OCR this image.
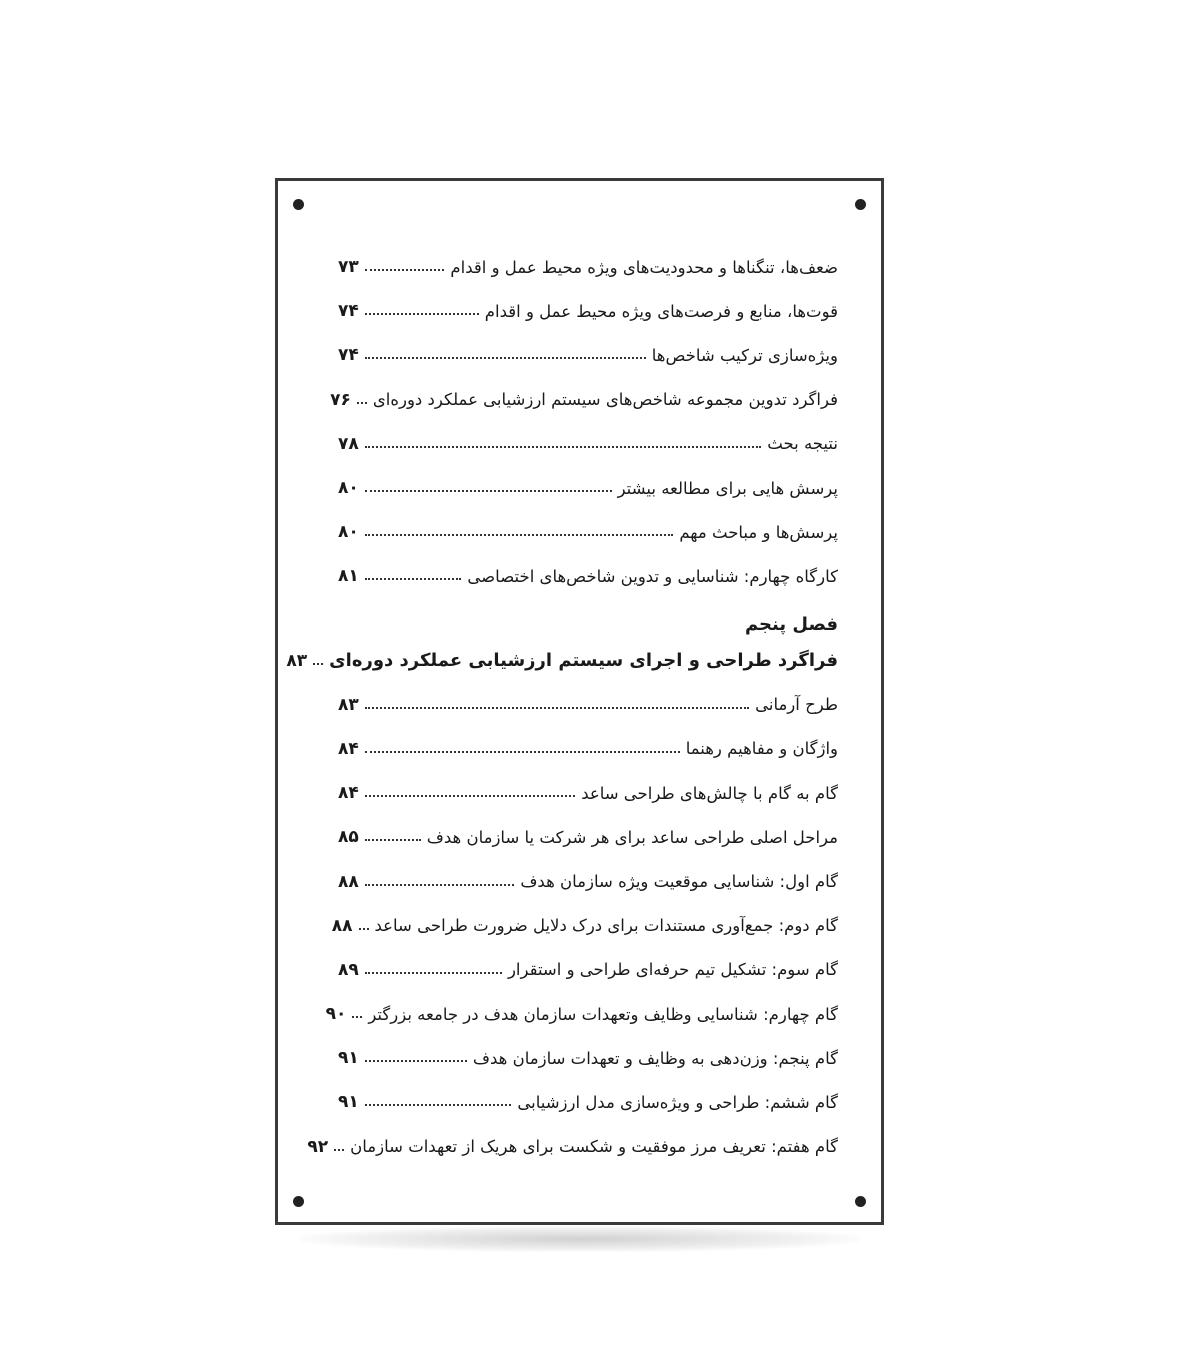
ضعف‌ها، تنگناها و محدودیت‌های ویژه محیط عمل و اقدام
۷۳
قوت‌ها، منابع و فرصت‌های ویژه محیط عمل و اقدام
۷۴
ویژه‌سازی ترکیب شاخص‌ها
۷۴
فراگرد تدوین مجموعه شاخص‌های سیستم ارزشیابی عملکرد دوره‌ای
۷۶
نتیجه بحث
۷۸
پرسش هایی برای مطالعه بیشتر
۸۰
پرسش‌ها و مباحث مهم
۸۰
کارگاه چهارم: شناسایی و تدوین شاخص‌های اختصاصی
۸۱
فصل پنجم
فراگرد طراحی و اجرای سیستم ارزشیابی عملکرد دوره‌ای
۸۳
طرح آرمانی
۸۳
واژگان و مفاهیم رهنما
۸۴
گام به گام با چالش‌های طراحی ساعد
۸۴
مراحل اصلی طراحی ساعد برای هر شرکت یا سازمان هدف
۸۵
گام اول: شناسایی موقعیت ویژه سازمان هدف
۸۸
گام دوم: جمع‌آوری مستندات برای درک دلایل ضرورت طراحی ساعد
۸۸
گام سوم: تشکیل تیم حرفه‌ای طراحی و استقرار
۸۹
گام چهارم: شناسایی وظایف وتعهدات سازمان هدف در جامعه بزرگتر
۹۰
گام پنجم: وزن‌دهی به وظایف و تعهدات سازمان هدف
۹۱
گام ششم: طراحی و ویژه‌سازی مدل ارزشیابی
۹۱
گام هفتم: تعریف مرز موفقیت و شکست برای هریک از تعهدات سازمان
۹۲
